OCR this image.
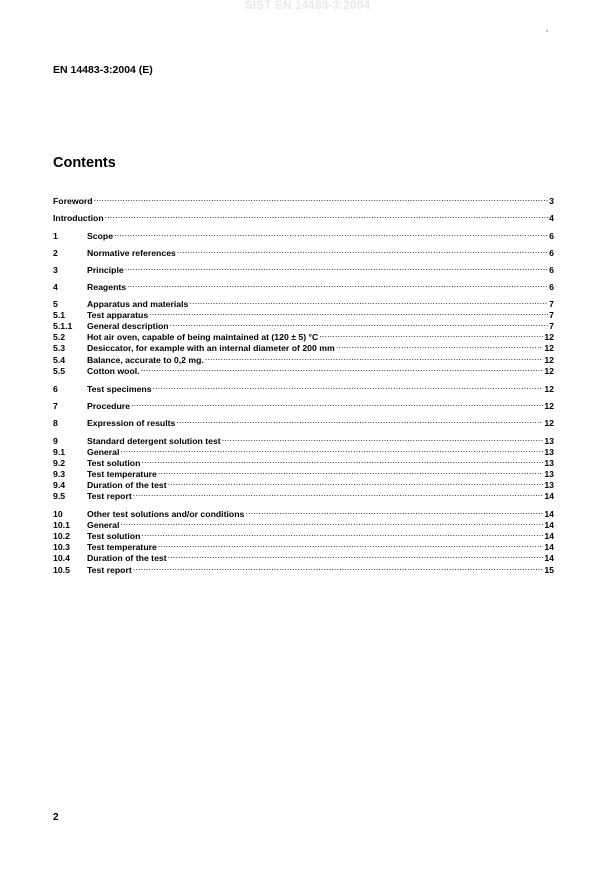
SIST EN 14483-3:2004
EN 14483-3:2004 (E)
Contents
Foreword .....	3
Introduction .....	4
1	Scope .....	6
2	Normative references .....	6
3	Principle .....	6
4	Reagents .....	6
5	Apparatus and materials .....	7
5.1	Test apparatus .....	7
5.1.1	General description .....	7
5.2	Hot air oven, capable of being maintained at (120 ± 5) °C .....	12
5.3	Desiccator, for example with an internal diameter of 200 mm .....	12
5.4	Balance, accurate to 0,2 mg. .....	12
5.5	Cotton wool. .....	12
6	Test specimens .....	12
7	Procedure .....	12
8	Expression of results .....	12
9	Standard detergent solution test .....	13
9.1	General .....	13
9.2	Test solution .....	13
9.3	Test temperature .....	13
9.4	Duration of the test .....	13
9.5	Test report .....	14
10	Other test solutions and/or conditions .....	14
10.1	General .....	14
10.2	Test solution .....	14
10.3	Test temperature .....	14
10.4	Duration of the test .....	14
10.5	Test report .....	15
2
